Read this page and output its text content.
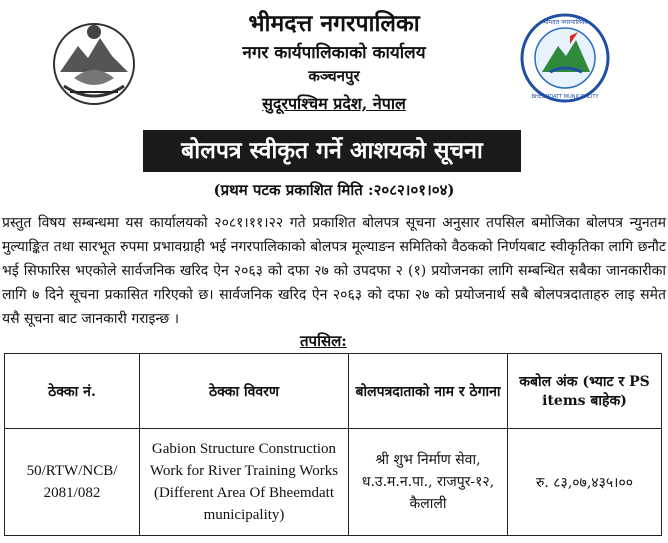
भीमदत्त नगरपालिका
BHEEMDATT MUNICIPALITY
भीमदत्त नगरपालिका
नगर कार्यपालिकाको कार्यालय
कञ्चनपुर
सुदूरपश्चिम प्रदेश, नेपाल
बोलपत्र स्वीकृत गर्ने आशयको सूचना
(प्रथम पटक प्रकाशित मिति :२०८२।०१।०४)
प्रस्तुत विषय सम्बन्धमा यस कार्यालयको २०८१।११।२२ गते प्रकाशित बोलपत्र सूचना अनुसार तपसिल बमोजिका बोलपत्र न्युनतम मुल्याङ्कित तथा सारभूत रुपमा प्रभावग्राही भई नगरपालिकाको बोलपत्र मूल्याङन समितिको वैठकको निर्णयबाट स्वीकृतिका लागि छनौट भई सिफारिस भएकोले सार्वजनिक खरिद ऐन २०६३ को दफा २७ को उपदफा २ (१) प्रयोजनका लागि सम्बन्धित सबैका जानकारीका लागि ७ दिने सूचना प्रकासित गरिएको छ। सार्वजनिक खरिद ऐन २०६३ को दफा २७ को प्रयोजनार्थ सबै बोलपत्रदाताहरु लाइ समेत यसै सूचना बाट जानकारी गराइन्छ ।
तपसिल:
ठेक्का नं.	ठेक्का विवरण	बोलपत्रदाताको नाम र ठेगाना	कबोल अंक (भ्याट र PS items बाहेक)
50/RTW/NCB/ 2081/082	Gabion Structure Construction Work for River Training Works (Different Area Of Bheemdatt municipality)	श्री शुभ निर्माण सेवा, ध.उ.म.न.पा., राजपुर-१२, कैलाली	रु. ८३,०७,४३५।००
